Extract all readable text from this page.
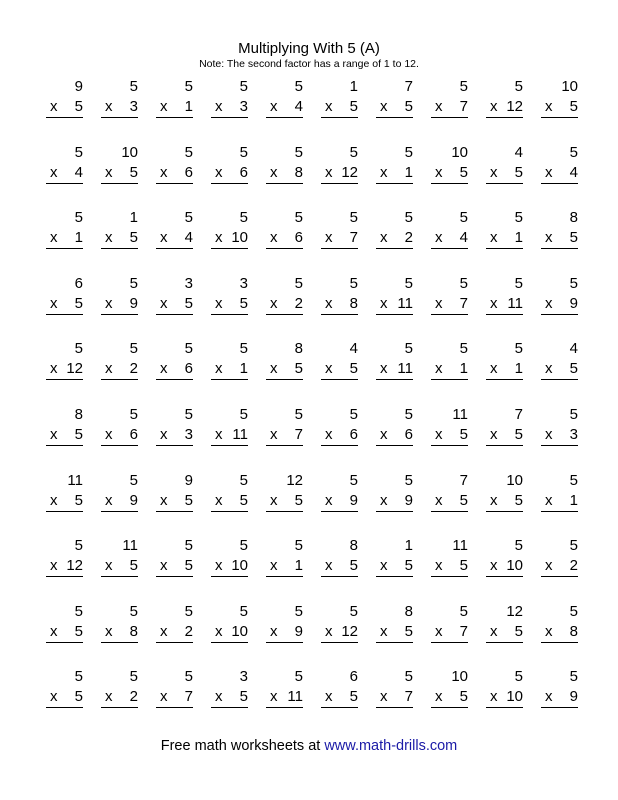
Multiplying With 5 (A)
Note: The second factor has a range of 1 to 12.
9
x 5
5
x 3
5
x 1
5
x 3
5
x 4
1
x 5
7
x 5
5
x 7
5
x 12
10
x 5
5
x 4
10
x 5
5
x 6
5
x 6
5
x 8
5
x 12
5
x 1
10
x 5
4
x 5
5
x 4
5
x 1
1
x 5
5
x 4
5
x 10
5
x 6
5
x 7
5
x 2
5
x 4
5
x 1
8
x 5
6
x 5
5
x 9
3
x 5
3
x 5
5
x 2
5
x 8
5
x 11
5
x 7
5
x 11
5
x 9
5
x 12
5
x 2
5
x 6
5
x 1
8
x 5
4
x 5
5
x 11
5
x 1
5
x 1
4
x 5
8
x 5
5
x 6
5
x 3
5
x 11
5
x 7
5
x 6
5
x 6
11
x 5
7
x 5
5
x 3
11
x 5
5
x 9
9
x 5
5
x 5
12
x 5
5
x 9
5
x 9
7
x 5
10
x 5
5
x 1
5
x 12
11
x 5
5
x 5
5
x 10
5
x 1
8
x 5
1
x 5
11
x 5
5
x 10
5
x 2
5
x 5
5
x 8
5
x 2
5
x 10
5
x 9
5
x 12
8
x 5
5
x 7
12
x 5
5
x 8
5
x 5
5
x 2
5
x 7
3
x 5
5
x 11
6
x 5
5
x 7
10
x 5
5
x 10
5
x 9
Free math worksheets at www.math-drills.com
